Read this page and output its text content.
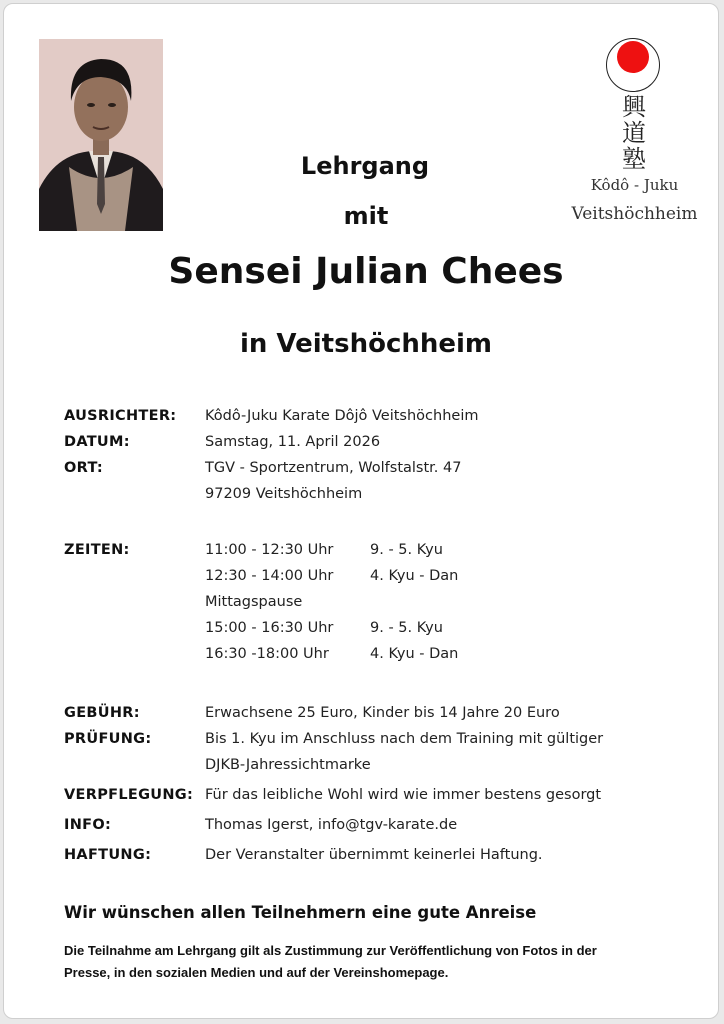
興
道
塾
Kôdô - Juku
Veitshöchheim
Lehrgang
mit
Sensei Julian Chees
in Veitshöchheim
AUSRICHTER: Kôdô-Juku Karate Dôjô Veitshöchheim
DATUM:	Samstag, 11. April 2026
ORT:	TGV - Sportzentrum, Wolfstalstr. 47
97209 Veitshöchheim
ZEITEN:	11:00 - 12:30 Uhr	9. - 5. Kyu
12:30 - 14:00 Uhr	4. Kyu - Dan
Mittagspause
15:00 - 16:30 Uhr	9. - 5. Kyu
16:30 -18:00 Uhr	4. Kyu - Dan
GEBÜHR:	Erwachsene 25 Euro, Kinder bis 14 Jahre 20 Euro
PRÜFUNG:	Bis 1. Kyu im Anschluss nach dem Training mit gültiger
DJKB-Jahressichtmarke
VERPFLEGUNG: Für das leibliche Wohl wird wie immer bestens gesorgt
INFO:	Thomas Igerst, info@tgv-karate.de
HAFTUNG:	Der Veranstalter übernimmt keinerlei Haftung.
Wir wünschen allen Teilnehmern eine gute Anreise
Die Teilnahme am Lehrgang gilt als Zustimmung zur Veröffentlichung von Fotos in der
Presse, in den sozialen Medien und auf der Vereinshomepage.
